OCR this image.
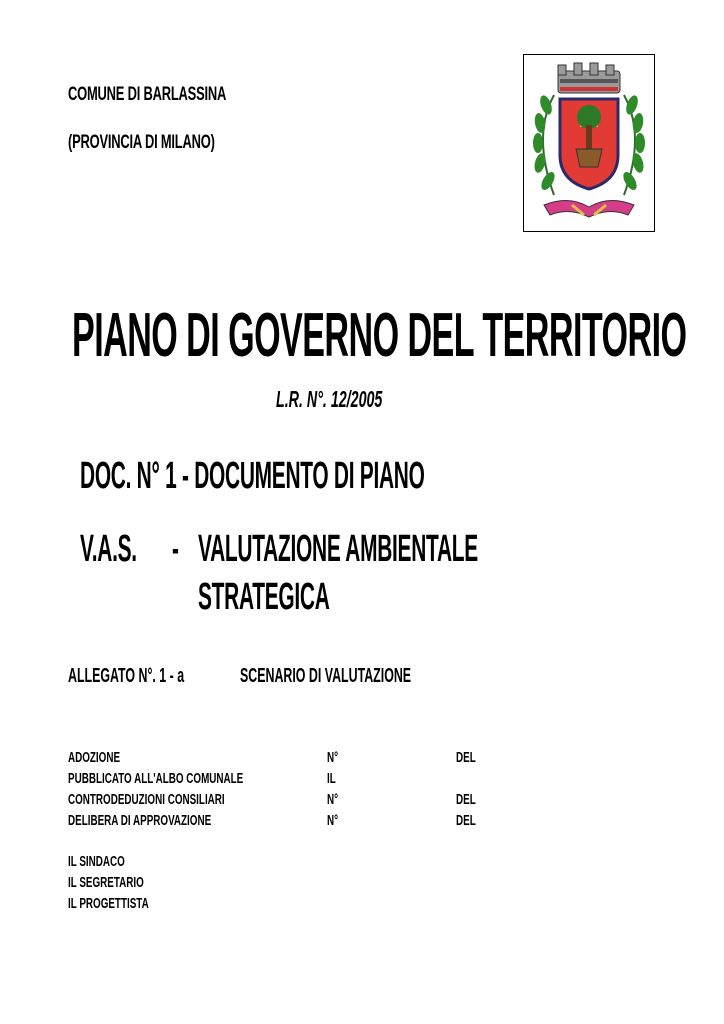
COMUNE DI BARLASSINA
(PROVINCIA DI MILANO)
PIANO DI GOVERNO DEL TERRITORIO
L.R. N°. 12/2005
DOC. N° 1 - DOCUMENTO DI PIANO
V.A.S. - VALUTAZIONE AMBIENTALE
STRATEGICA
ALLEGATO N°. 1 - a	SCENARIO DI VALUTAZIONE
ADOZIONE	N°	DEL
PUBBLICATO ALL'ALBO COMUNALE	IL
CONTRODEDUZIONI CONSILIARI	N°	DEL
DELIBERA DI APPROVAZIONE	N°	DEL
IL SINDACO
IL SEGRETARIO
IL PROGETTISTA
